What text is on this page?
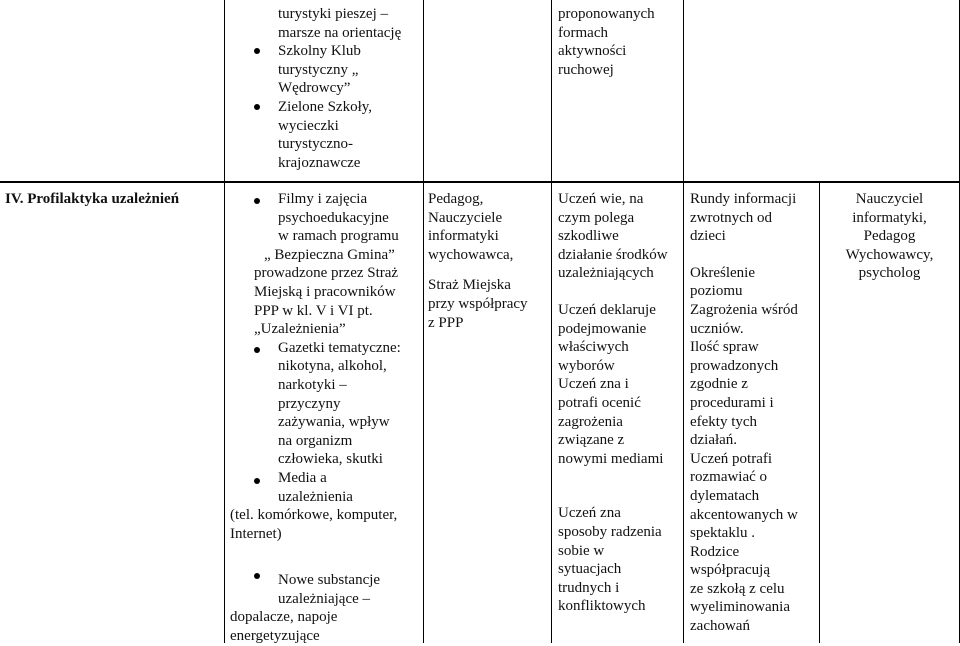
turystyki pieszej –
marsze na orientację
Szkolny Klub
turystyczny „
Wędrowcy”
Zielone Szkoły,
wycieczki
turystyczno-
krajoznawcze
proponowanych
formach
aktywności
ruchowej
IV. Profilaktyka uzależnień	Filmy i zajęcia
psychoedukacyjne
w ramach programu
„ Bezpieczna Gmina”
prowadzone przez Straż
Miejską i pracowników
PPP w kl. V i VI pt.
„Uzależnienia”
Gazetki tematyczne:
nikotyna, alkohol,
narkotyki –
przyczyny
zażywania, wpływ
na organizm
człowieka, skutki
Media a
uzależnienia
(tel. komórkowe, komputer,
Internet)
Nowe substancje
uzależniające –
dopalacze, napoje
energetyzujące
Pedagog,
Nauczyciele
informatyki
wychowawca,
Straż Miejska
przy współpracy
z PPP
Uczeń wie, na
czym polega
szkodliwe
działanie środków
uzależniających
Uczeń deklaruje
podejmowanie
właściwych
wyborów
Uczeń zna i
potrafi ocenić
zagrożenia
związane z
nowymi mediami
Uczeń zna
sposoby radzenia
sobie w
sytuacjach
trudnych i
konfliktowych
Rundy informacji
zwrotnych od
dzieci
Określenie
poziomu
Zagrożenia wśród
uczniów.
Ilość spraw
prowadzonych
zgodnie z
procedurami i
efekty tych
działań.
Uczeń potrafi
rozmawiać o
dylematach
akcentowanych w
spektaklu .
Rodzice
współpracują
ze szkołą z celu
wyeliminowania
zachowań
Nauczyciel
informatyki,
Pedagog
Wychowawcy,
psycholog
